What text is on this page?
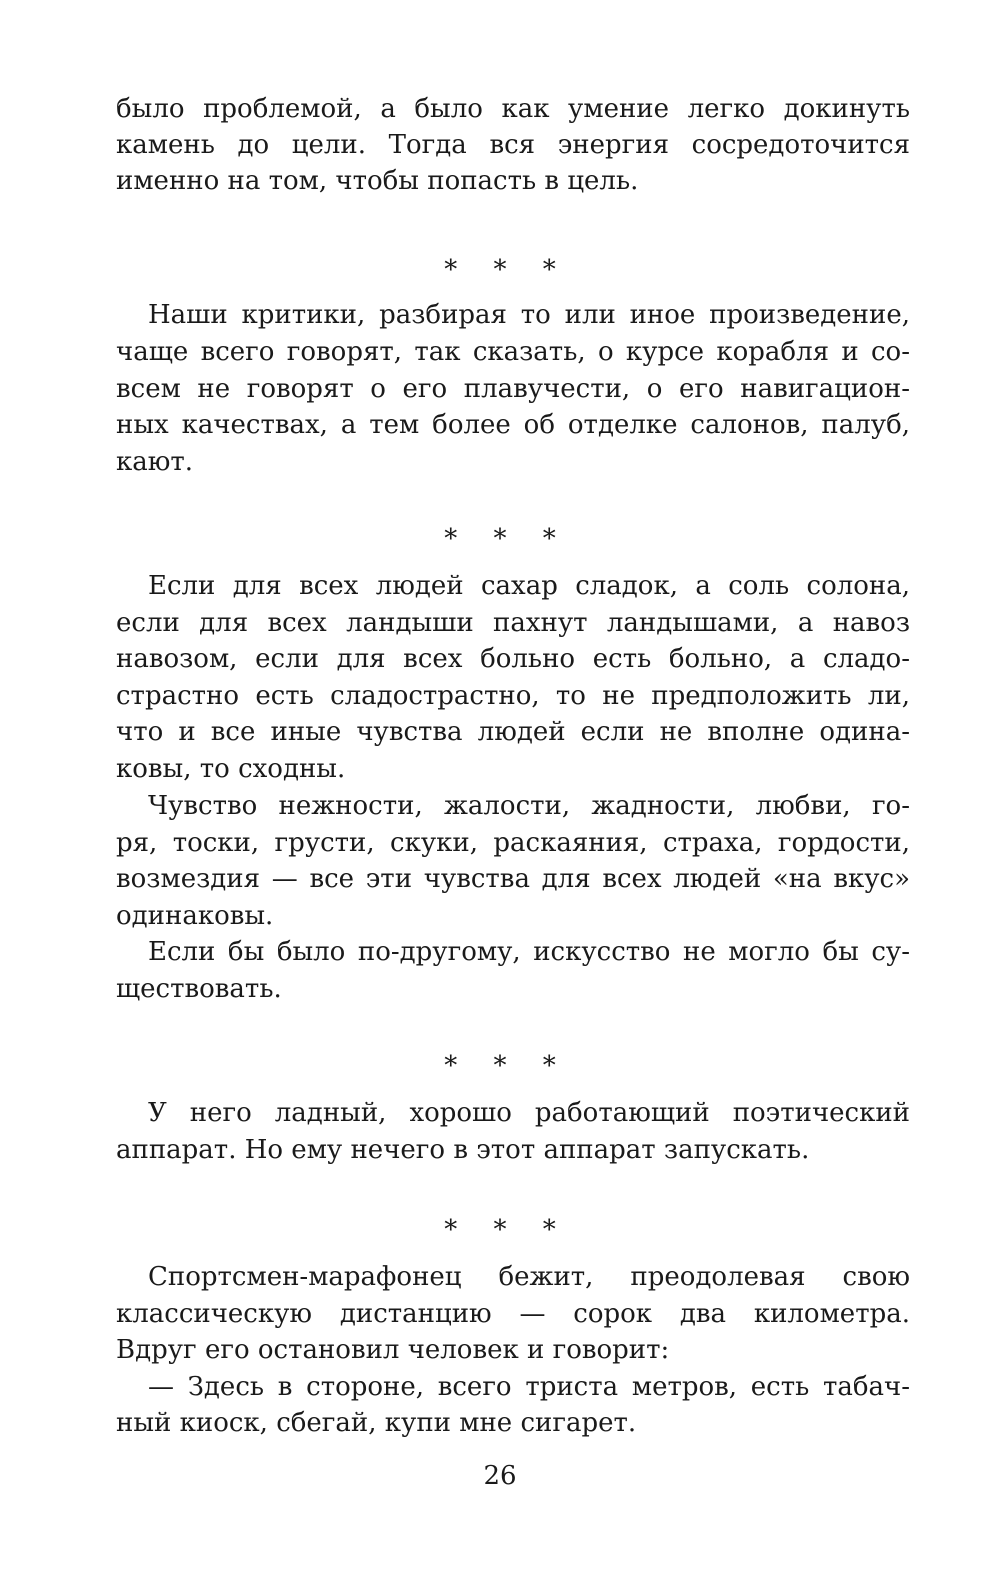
было проблемой, а было как умение легко докинуть
камень до цели. Тогда вся энергия сосредоточится
именно на том, чтобы попасть в цель.
* * *
Наши критики, разбирая то или иное произведение,
чаще всего говорят, так сказать, о курсе корабля и со-
всем не говорят о его плавучести, о его навигацион-
ных качествах, а тем более об отделке салонов, палуб,
кают.
* * *
Если для всех людей сахар сладок, а соль солона,
если для всех ландыши пахнут ландышами, а навоз
навозом, если для всех больно есть больно, а сладо-
страстно есть сладострастно, то не предположить ли,
что и все иные чувства людей если не вполне одина-
ковы, то сходны.
Чувство нежности, жалости, жадности, любви, го-
ря, тоски, грусти, скуки, раскаяния, страха, гордости,
возмездия — все эти чувства для всех людей «на вкус»
одинаковы.
Если бы было по-другому, искусство не могло бы су-
ществовать.
* * *
У него ладный, хорошо работающий поэтический
аппарат. Но ему нечего в этот аппарат запускать.
* * *
Спортсмен-марафонец бежит, преодолевая свою
классическую дистанцию — сорок два километра.
Вдруг его остановил человек и говорит:
— Здесь в стороне, всего триста метров, есть табач-
ный киоск, сбегай, купи мне сигарет.
26
